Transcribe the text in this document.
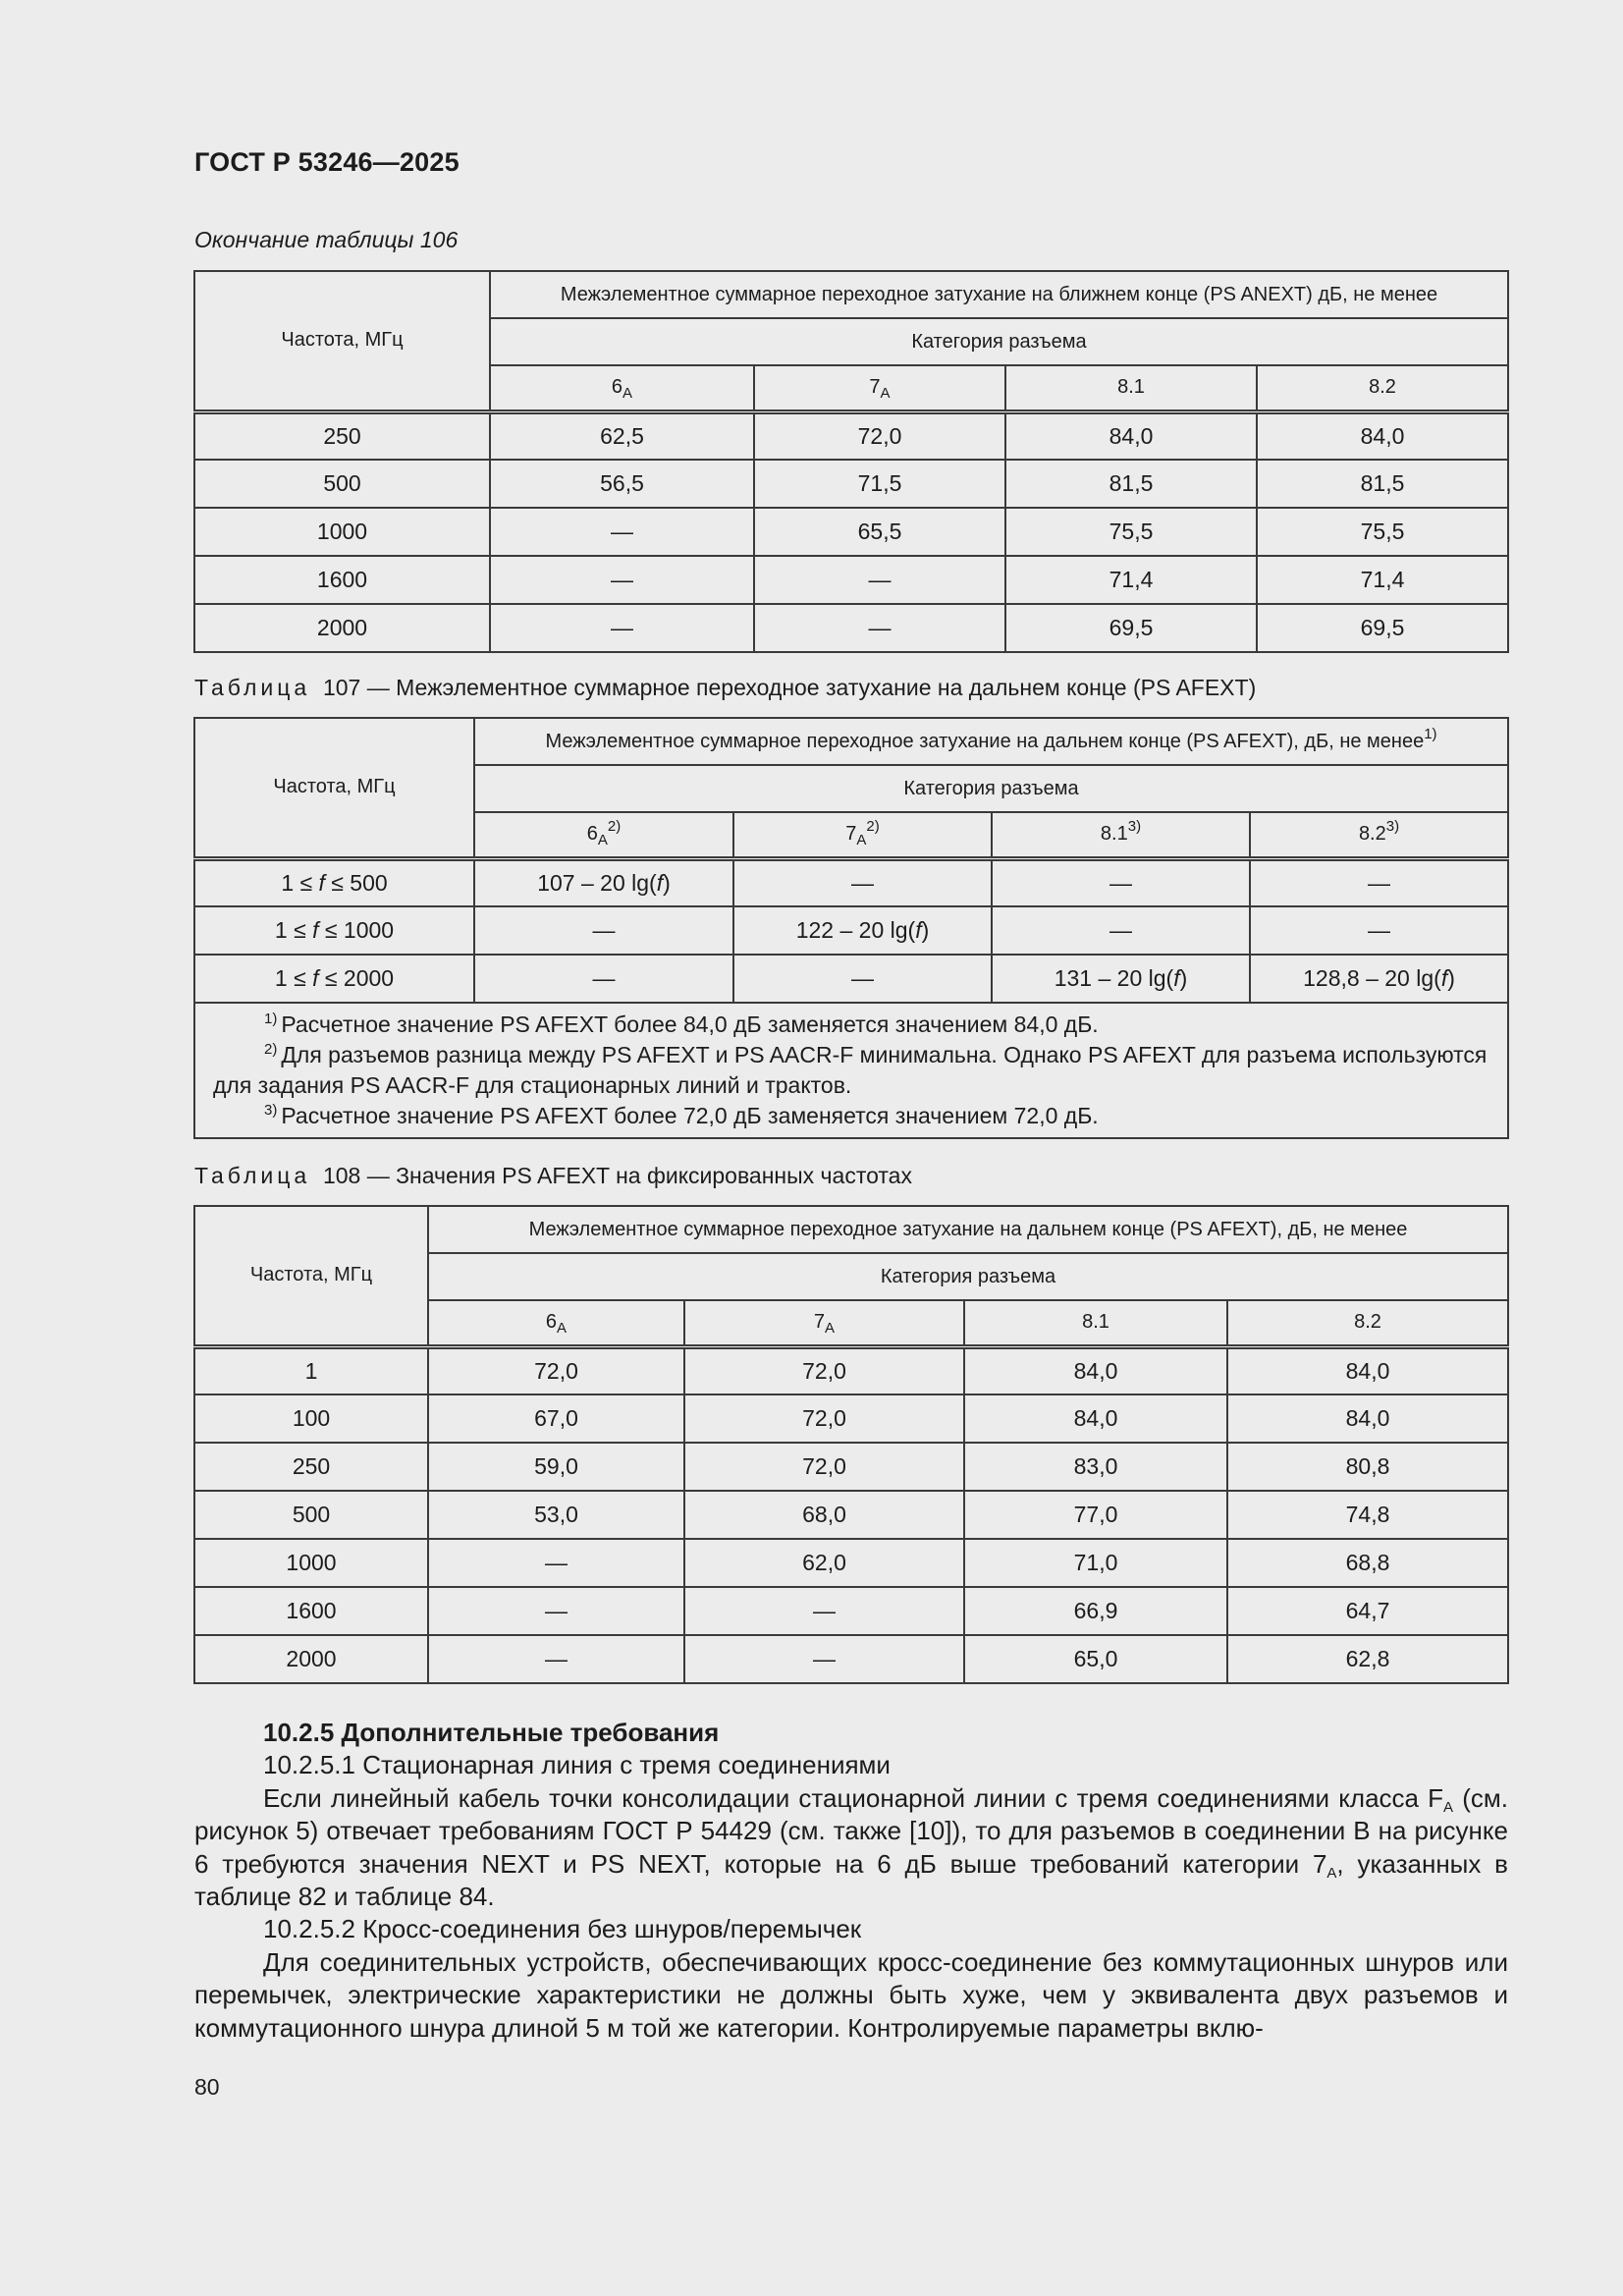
ГОСТ Р 53246—2025
Окончание таблицы 106
Частота, МГц	Межэлементное суммарное переходное затухание на ближнем конце (PS ANEXT) дБ, не менее			
	Категория разъема			
	$6_A$	$7_A$	8.1	8.2
250	62,5	72,0	84,0	84,0
500	56,5	71,5	81,5	81,5
1000	—	65,5	75,5	75,5
1600	—	—	71,4	71,4
2000	—	—	69,5	69,5
Таблица 107 — Межэлементное суммарное переходное затухание на дальнем конце (PS AFEXT)
Частота, МГц	Межэлементное суммарное переходное затухание на дальнем конце (PS AFEXT), дБ, не менее$^{1)}$
	Категория разъема			
	$6_A^{2)}$	$7_A^{2)}$	8.1$^{3)}$	8.2$^{3)}$
1 ≤ f ≤ 500	107 – 20 lg(f)	—	—	—
1 ≤ f ≤ 1000	—	122 – 20 lg(f)	—	—
1 ≤ f ≤ 2000	—	—	131 – 20 lg(f)	128,8 – 20 lg(f)

$^{1)}$ Расчетное значение PS AFEXT более 84,0 дБ заменяется значением 84,0 дБ.
$^{2)}$ Для разъемов разница между PS AFEXT и PS AACR-F минимальна. Однако PS AFEXT для разъема используются для задания PS AACR-F для стационарных линий и трактов.
$^{3)}$ Расчетное значение PS AFEXT более 72,0 дБ заменяется значением 72,0 дБ.				
Таблица 108 — Значения PS AFEXT на фиксированных частотах
Частота, МГц	Межэлементное суммарное переходное затухание на дальнем конце (PS AFEXT), дБ, не менее			
	Категория разъема			
	$6_A$	$7_A$	8.1	8.2
1	72,0	72,0	84,0	84,0
100	67,0	72,0	84,0	84,0
250	59,0	72,0	83,0	80,8
500	53,0	68,0	77,0	74,8
1000	—	62,0	71,0	68,8
1600	—	—	66,9	64,7
2000	—	—	65,0	62,8

10.2.5 Дополнительные требования

10.2.5.1 Стационарная линия с тремя соединениями

Если линейный кабель точки консолидации стационарной линии с тремя соединениями класса $F_A$ (см. рисунок 5) отвечает требованиям ГОСТ Р 54429 (см. также [10]), то для разъемов в соединении B на рисунке 6 требуются значения NEXT и PS NEXT, которые на 6 дБ выше требований категории $7_A$, указанных в таблице 82 и таблице 84.

10.2.5.2 Кросс-соединения без шнуров/перемычек

Для соединительных устройств, обеспечивающих кросс-соединение без коммутационных шнуров или перемычек, электрические характеристики не должны быть хуже, чем у эквивалента двух разъемов и коммутационного шнура длиной 5 м той же категории. Контролируемые параметры вклю-

80
